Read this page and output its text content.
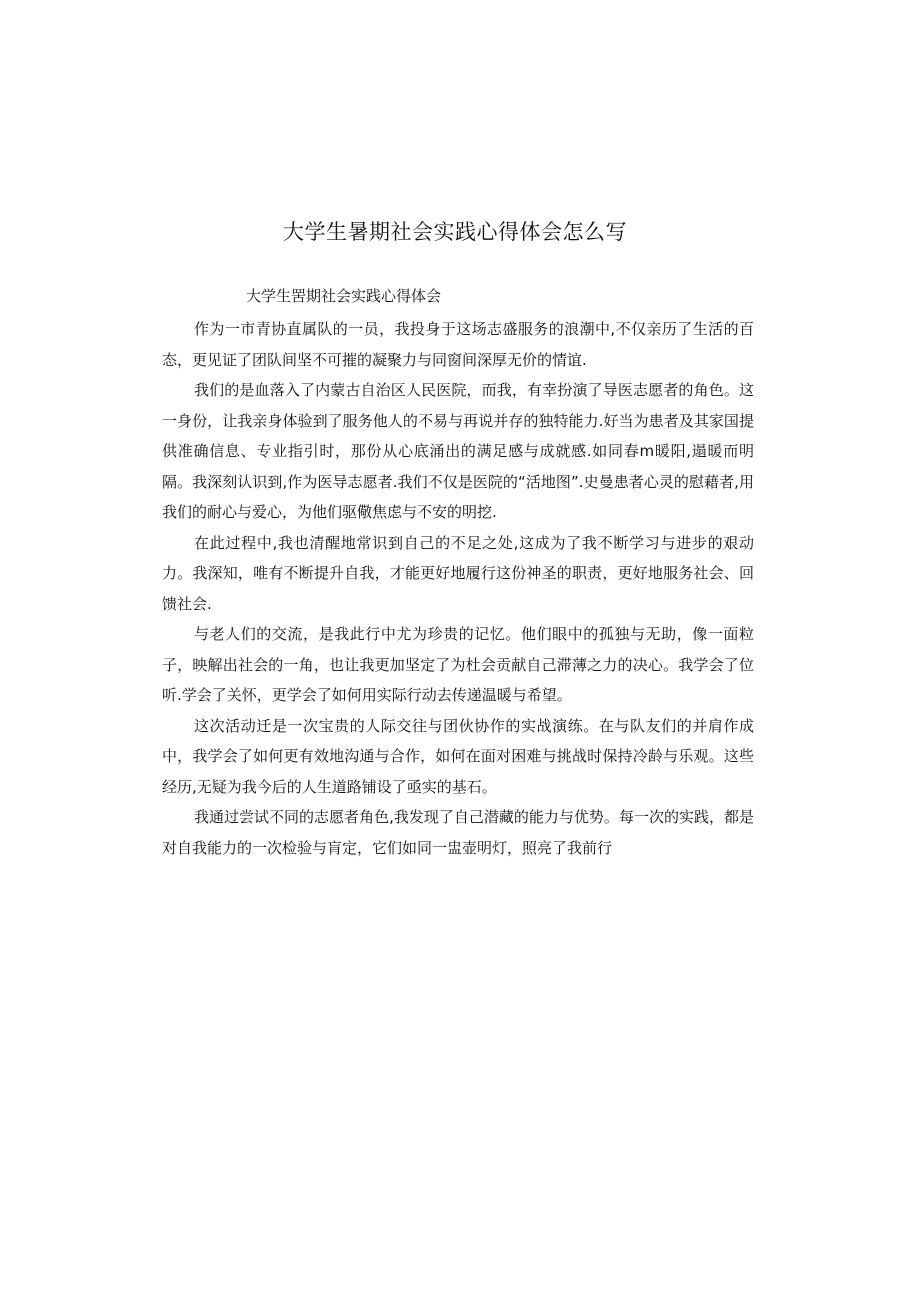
大学生暑期社会实践心得体会怎么写

大学生罟期社会实践心得体会

作为一市青协直属队的一员，我投身于这场志盛服务的浪潮中,不仅亲历了生活的百态，更见证了团队间坚不可摧的凝聚力与同窗间深厚无价的情谊.

我们的是血落入了内蒙古自治区人民医院，而我，有幸扮演了导医志愿者的角色。这一身份，让我亲身体验到了服务他人的不易与再说并存的独特能力.好当为患者及其家国提供准确信息、专业指引时，那份从心底涌出的满足感与成就感.如同春m暖阳,遢暖而明隔。我深刻认识到,作为医导志愿者.我们不仅是医院的“活地图”.史曼患者心灵的慰藉者,用我们的耐心与爱心，为他们驱儆焦虑与不安的明挖.

在此过程中,我也清醒地常识到自己的不足之处,这成为了我不断学习与进步的艰动力。我深知，唯有不断提升自我，才能更好地履行这份神圣的职责，更好地服务社会、回馈社会.

与老人们的交流，是我此行中尤为珍贵的记忆。他们眼中的孤独与无助，像一面粒子，映解出社会的一角，也让我更加坚定了为杜会贡献自己滞薄之力的决心。我学会了位听.学会了关怀，更学会了如何用实际行动去传递温暖与希望。

这次活动迁是一次宝贵的人际交往与团伙协作的实战演练。在与队友们的并肩作成中，我学会了如何更有效地沟通与合作，如何在面对困难与挑战时保持冷龄与乐观。这些经历,无疑为我今后的人生道路铺设了亟实的基石。

我通过尝试不同的志愿者角色,我发现了自己潜藏的能力与优势。每一次的实践，都是对自我能力的一次检验与肓定，它们如同一盅壶明灯，照亮了我前行
